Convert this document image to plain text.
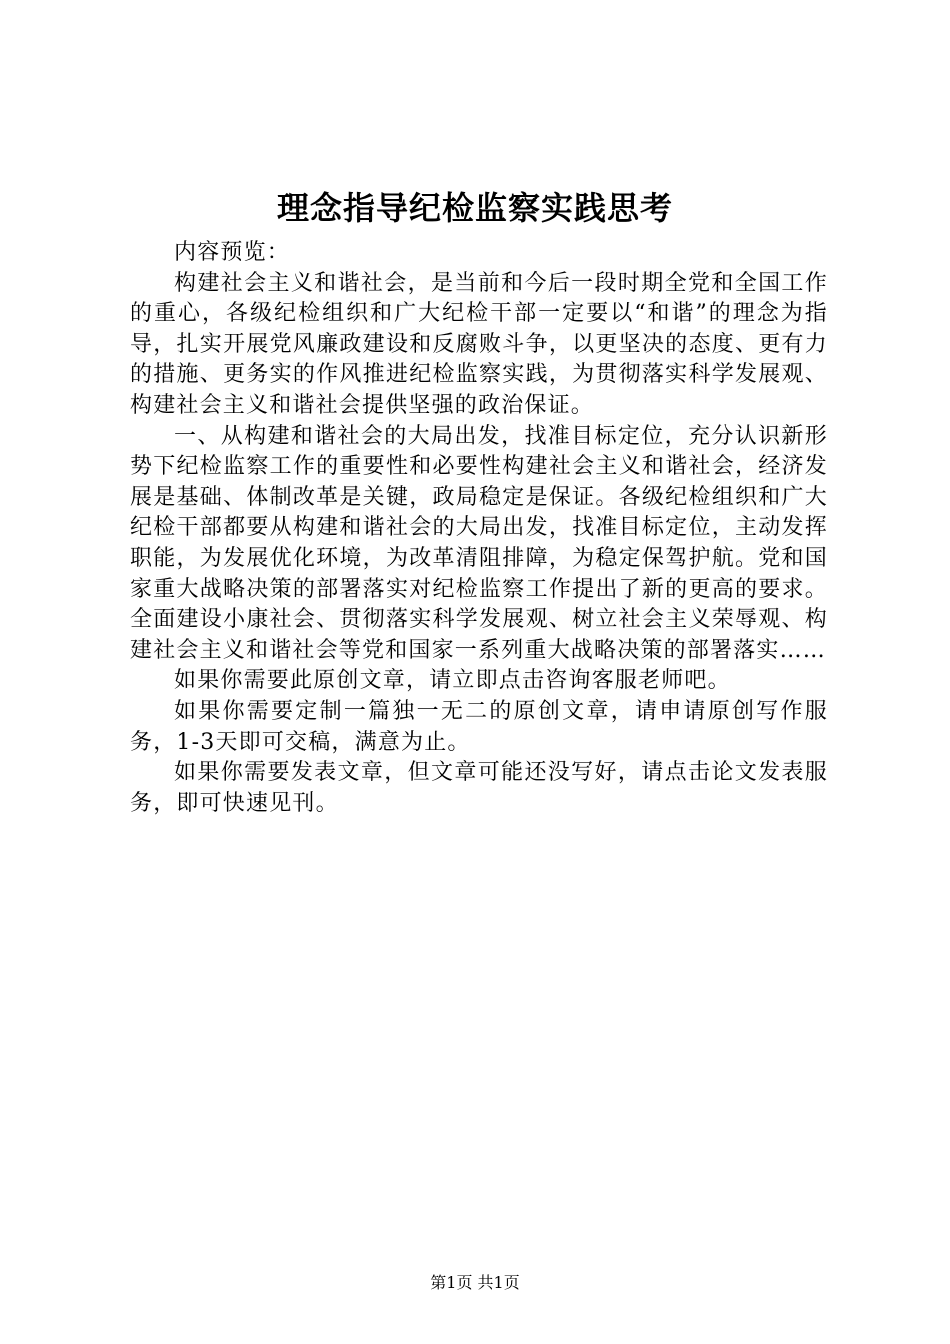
理念指导纪检监察实践思考

内容预览：

构建社会主义和谐社会，是当前和今后一段时期全党和全国工作的重心，各级纪检组织和广大纪检干部一定要以“和谐”的理念为指导，扎实开展党风廉政建设和反腐败斗争，以更坚决的态度、更有力的措施、更务实的作风推进纪检监察实践，为贯彻落实科学发展观、构建社会主义和谐社会提供坚强的政治保证。

一、从构建和谐社会的大局出发，找准目标定位，充分认识新形势下纪检监察工作的重要性和必要性构建社会主义和谐社会，经济发展是基础、体制改革是关键，政局稳定是保证。各级纪检组织和广大纪检干部都要从构建和谐社会的大局出发，找准目标定位，主动发挥职能，为发展优化环境，为改革清阻排障，为稳定保驾护航。党和国家重大战略决策的部署落实对纪检监察工作提出了新的更高的要求。全面建设小康社会、贯彻落实科学发展观、树立社会主义荣辱观、构建社会主义和谐社会等党和国家一系列重大战略决策的部署落实……

如果你需要此原创文章，请立即点击咨询客服老师吧。

如果你需要定制一篇独一无二的原创文章，请申请原创写作服务，1-3天即可交稿，满意为止。

如果你需要发表文章，但文章可能还没写好，请点击论文发表服务，即可快速见刊。

第1页 共1页
